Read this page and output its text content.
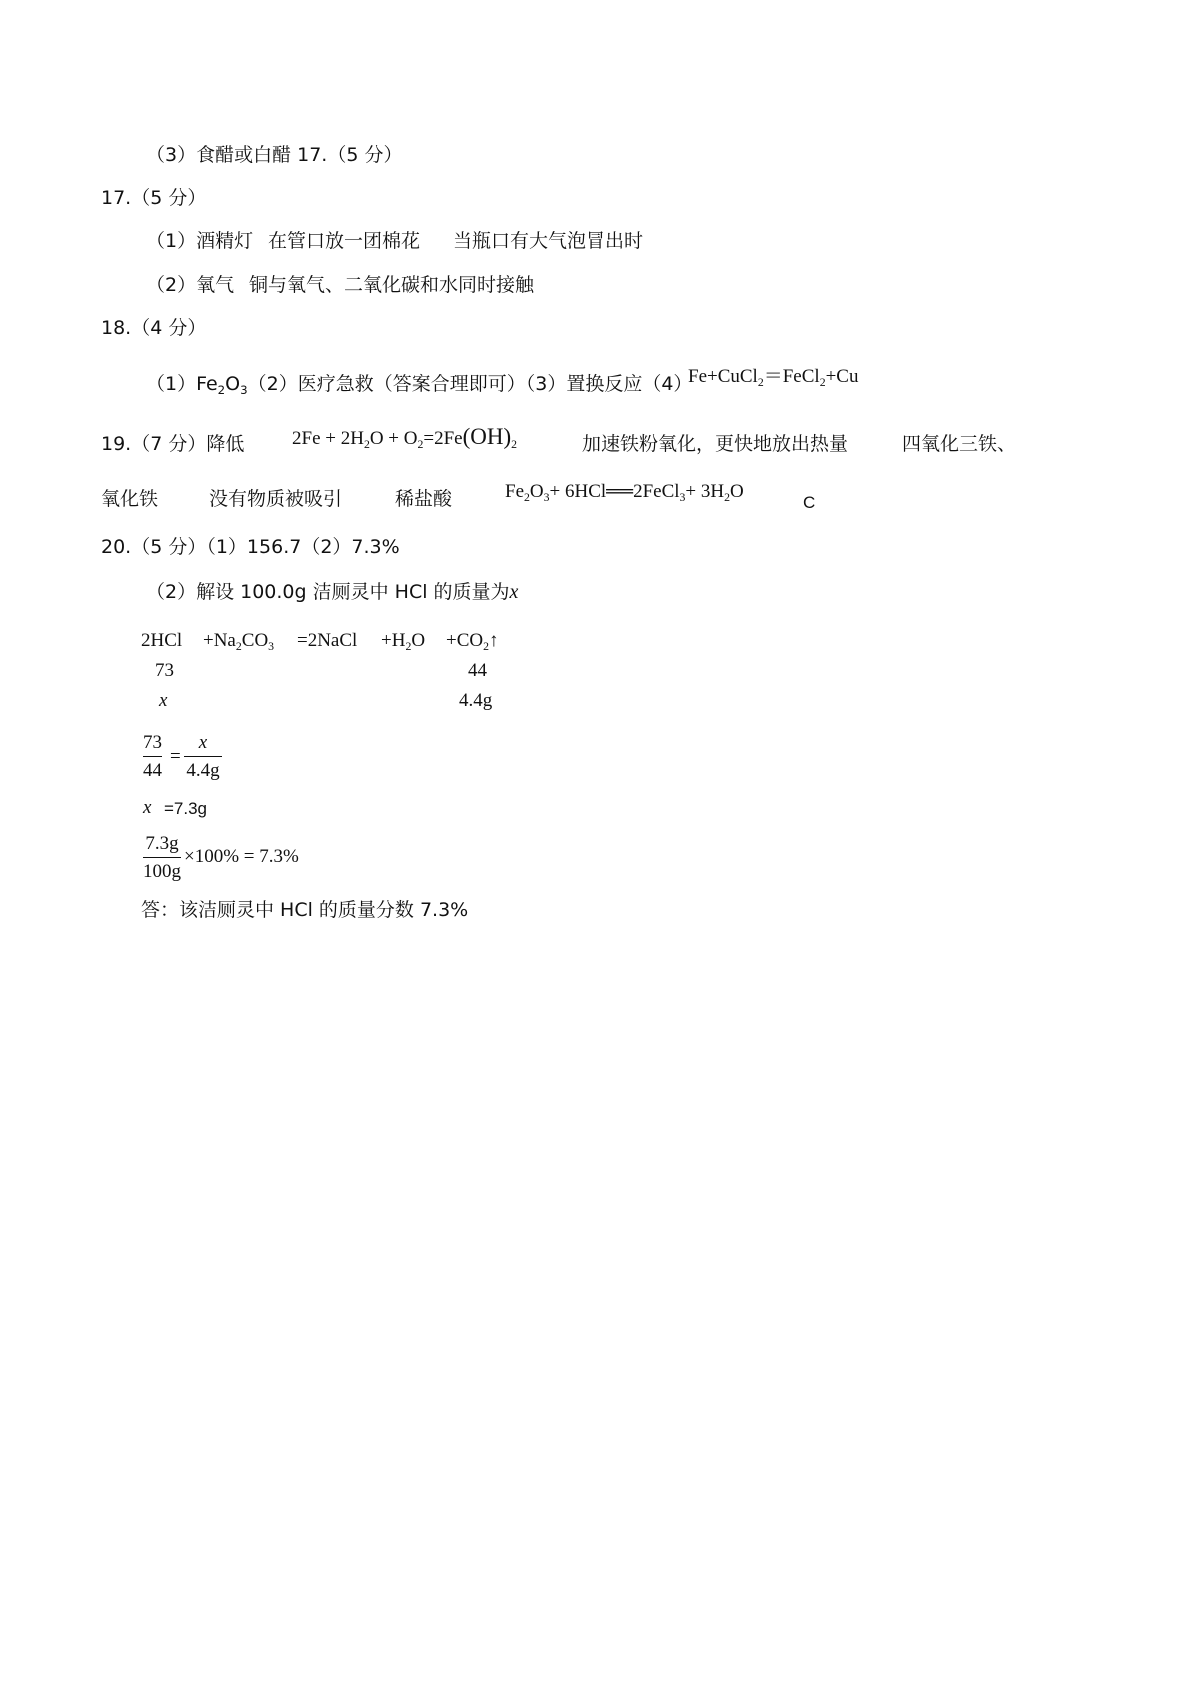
（3）食醋或白醋 17.（5 分）
17.（5 分）
（1）酒精灯 在管口放一团棉花 当瓶口有大气泡冒出时
（2）氧气 铜与氧气、二氧化碳和水同时接触
18.（4 分）
$(1)Fe_2O_3(2)$医疗急救（答案合理即可）（3）置换反应（4）
Fe+CuCl$_2$＝FeCl$_2$+Cu
19.（7 分）降低	$2Fe + 2H_2O + O_2=2Fe(OH)_2$	加速铁粉氧化，更快地放出热量	四氧化三铁、
氧化铁	没有物质被吸引	稀盐酸	$Fe_2O_3+$ 6HCl══2FeCl$_3$+ $3H_2O$
C
20.（5 分）（1）156.7（2）7.3%
（2）解设 100.0g 洁厕灵中 HCl 的质量为x
$2HCl +Na_2CO_3$ =2NaCl $+H_2O$ $+CO_2↑$
73	44
x	4.4g
73
44
=
x
4.4g
x =7.3g
7.3g
100g
×100% = 7.3%
答：该洁厕灵中 HCl 的质量分数 7.3%
